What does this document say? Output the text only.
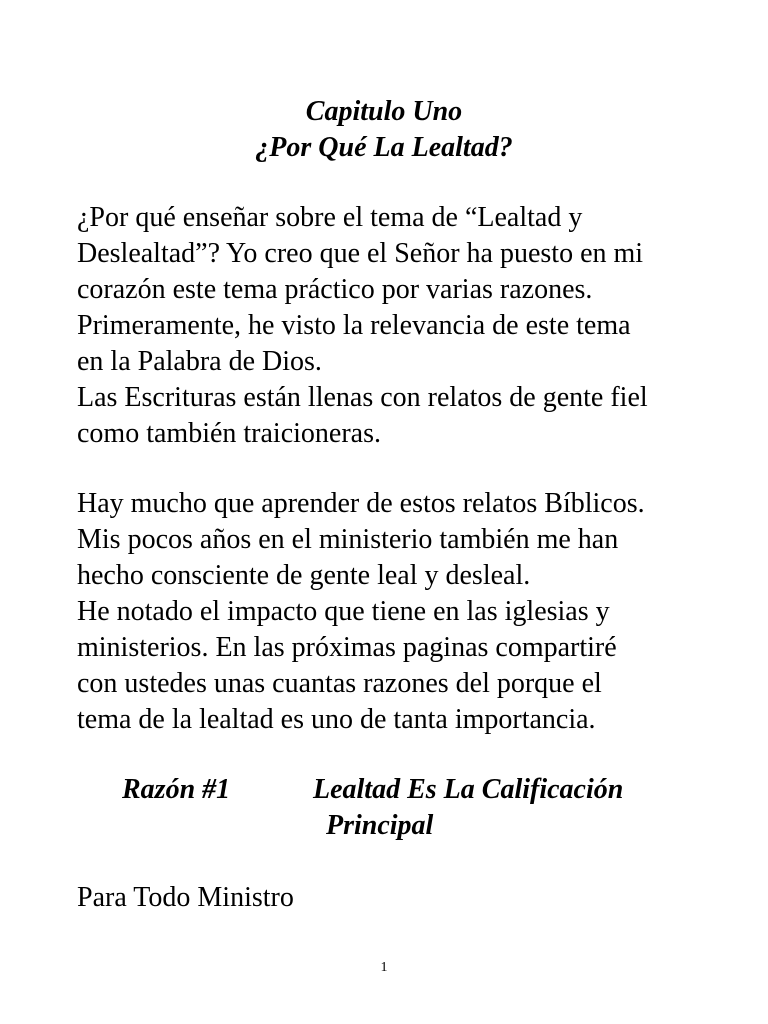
Capitulo Uno
¿Por Qué La Lealtad?
¿Por qué enseñar sobre el tema de “Lealtad y
Deslealtad”? Yo creo que el Señor ha puesto en mi
corazón este tema práctico por varias razones.
Primeramente, he visto la relevancia de este tema
en la Palabra de Dios.
Las Escrituras están llenas con relatos de gente fiel
como también traicioneras.
Hay mucho que aprender de estos relatos Bíblicos.
Mis pocos años en el ministerio también me han
hecho consciente de gente leal y desleal.
He notado el impacto que tiene en las iglesias y
ministerios. En las próximas paginas compartiré
con ustedes unas cuantas razones del porque el
tema de la lealtad es uno de tanta importancia.
Razón #1	Lealtad Es La Calificación
Principal
Para Todo Ministro
1
